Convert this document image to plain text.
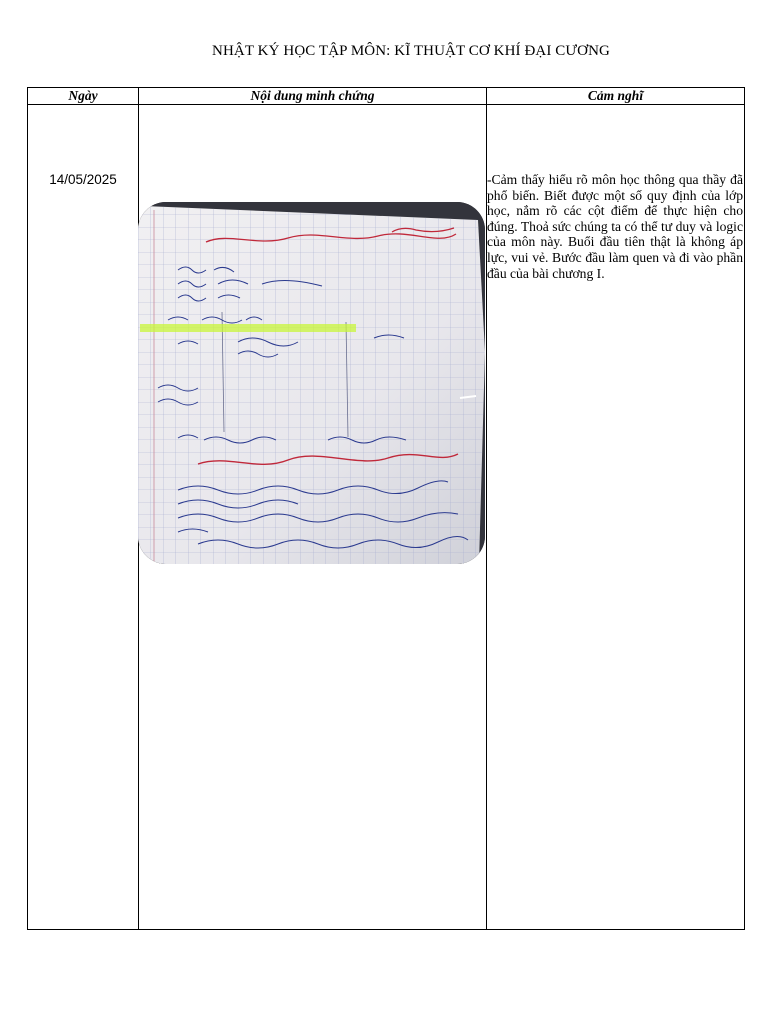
NHẬT KÝ HỌC TẬP MÔN: KĨ THUẬT CƠ KHÍ ĐẠI CƯƠNG
Ngày	Nội dung minh chứng	Cảm nghĩ

14/05/2025		-Cảm thấy hiểu rõ môn học thông qua thầy đã phổ biến. Biết được một số quy định của lớp học, nắm rõ các cột điểm để thực hiện cho đúng. Thoả sức chúng ta có thể tư duy và logic của môn này. Buổi đầu tiên thật là không áp lực, vui vẻ. Bước đầu làm quen và đi vào phần đầu của bài chương I.
